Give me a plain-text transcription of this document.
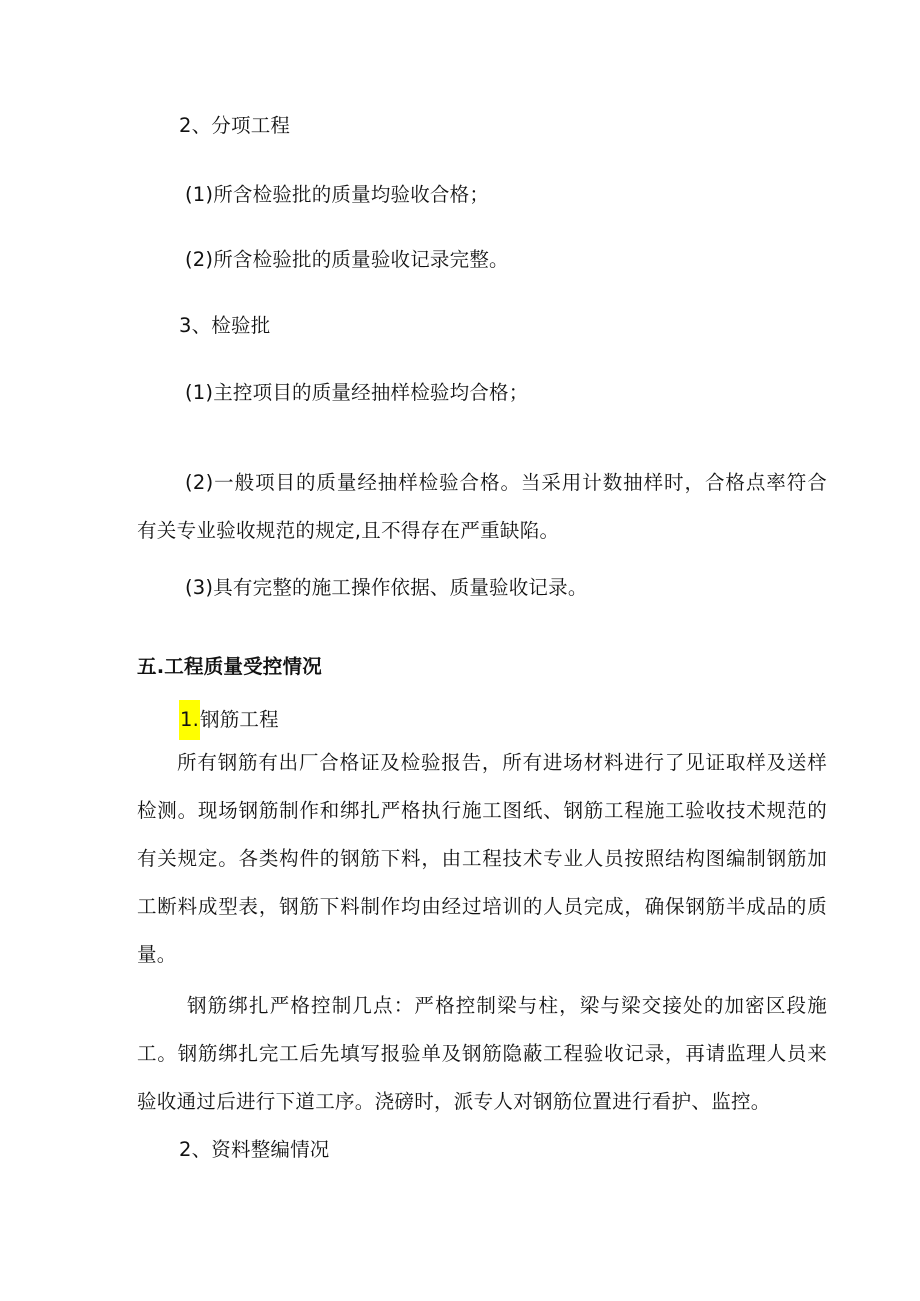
2、分项工程
(1)所含检验批的质量均验收合格；
(2)所含检验批的质量验收记录完整。
3、检验批
(1)主控项目的质量经抽样检验均合格；
(2)一般项目的质量经抽样检验合格。当采用计数抽样时，合格点率符合有关专业验收规范的规定,且不得存在严重缺陷。
(3)具有完整的施工操作依据、质量验收记录。
五.工程质量受控情况
1.钢筋工程
所有钢筋有出厂合格证及检验报告，所有进场材料进行了见证取样及送样检测。现场钢筋制作和绑扎严格执行施工图纸、钢筋工程施工验收技术规范的有关规定。各类构件的钢筋下料，由工程技术专业人员按照结构图编制钢筋加工断料成型表，钢筋下料制作均由经过培训的人员完成，确保钢筋半成品的质量。
钢筋绑扎严格控制几点：严格控制梁与柱，梁与梁交接处的加密区段施工。钢筋绑扎完工后先填写报验单及钢筋隐蔽工程验收记录，再请监理人员来验收通过后进行下道工序。浇磅时，派专人对钢筋位置进行看护、监控。
2、资料整编情况
